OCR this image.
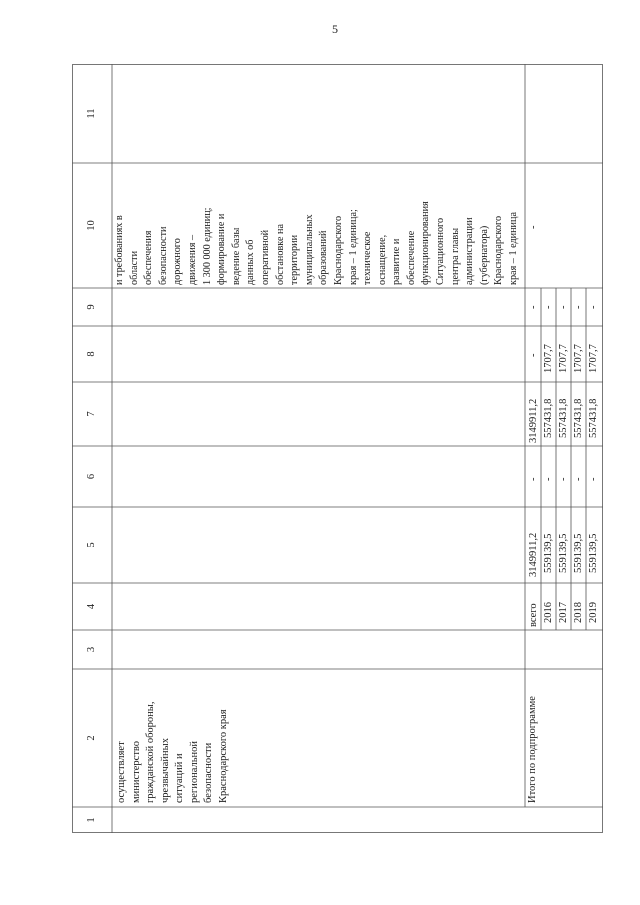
5
1
2
3
4
5
6
7
8
9
10
11
осуществляет
министерство
гражданской обороны,
чрезвычайных
ситуаций и
региональной
безопасности
Краснодарского края
и требованиях в
области
обеспечения
безопасности
дорожного
движения –
1 300 000 единиц;
формирование и
ведение базы
данных об
оперативной
обстановке на
территории
муниципальных
образований
Краснодарского
края – 1 единица;
техническое
оснащение,
развитие и
обеспечение
функционирования
Ситуационного
центра главы
администрации
(губернатора)
Краснодарского
края – 1 единица
Итого по подпрограмме
всего
3149911,2
-
3149911,2
-
-
-
2016
559139,5
-
557431,8
1707,7
-
2017
559139,5
-
557431,8
1707,7
-
2018
559139,5
-
557431,8
1707,7
-
2019
559139,5
-
557431,8
1707,7
-
